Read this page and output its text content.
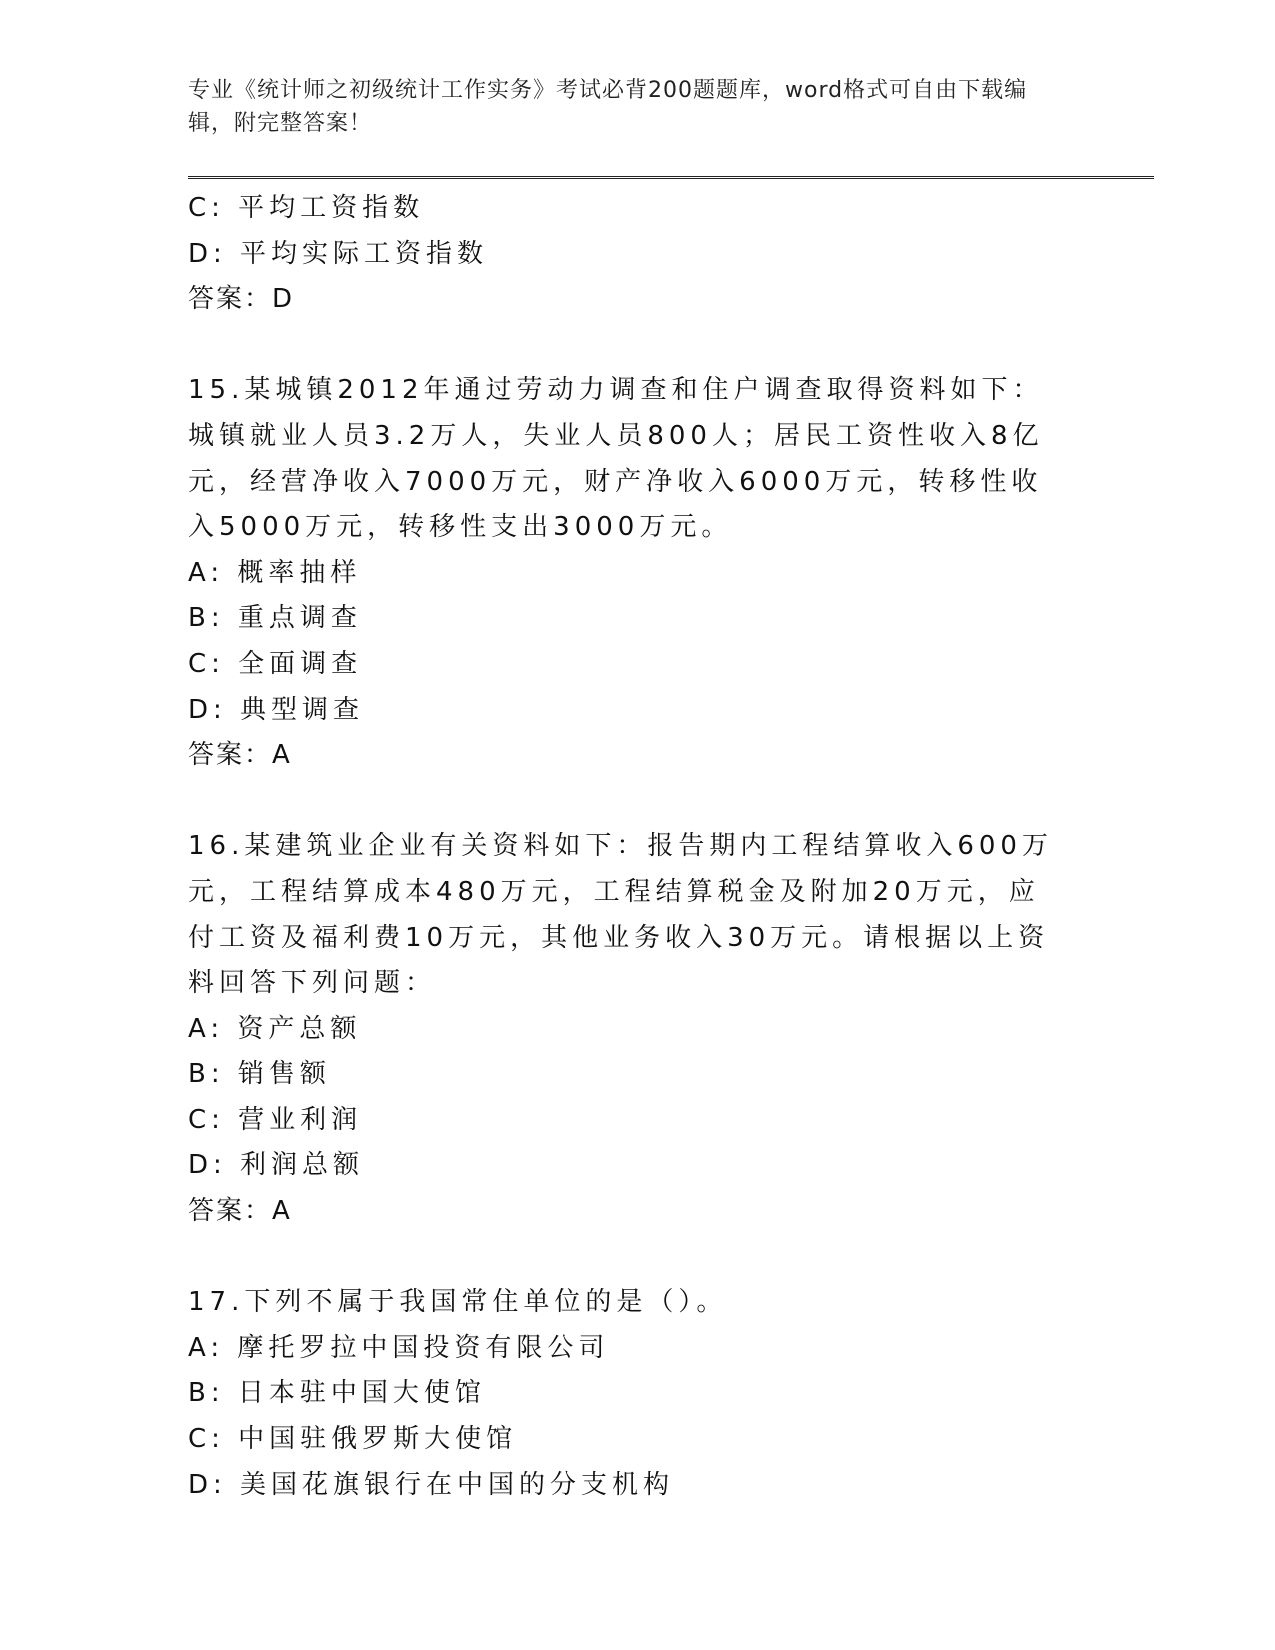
专业《统计师之初级统计工作实务》考试必背200题题库，word格式可自由下载编辑，附完整答案！
C: 平均工资指数
D: 平均实际工资指数
答案：D
15.某城镇2012年通过劳动力调查和住户调查取得资料如下：城镇就业人员3.2万人，失业人员800人；居民工资性收入8亿元，经营净收入7000万元，财产净收入6000万元，转移性收入5000万元，转移性支出3000万元。
A: 概率抽样
B: 重点调查
C: 全面调查
D: 典型调查
答案：A
16.某建筑业企业有关资料如下：报告期内工程结算收入600万元，工程结算成本480万元，工程结算税金及附加20万元，应付工资及福利费10万元，其他业务收入30万元。请根据以上资料回答下列问题：
A: 资产总额
B: 销售额
C: 营业利润
D: 利润总额
答案：A
17.下列不属于我国常住单位的是（）。
A: 摩托罗拉中国投资有限公司
B: 日本驻中国大使馆
C: 中国驻俄罗斯大使馆
D: 美国花旗银行在中国的分支机构
